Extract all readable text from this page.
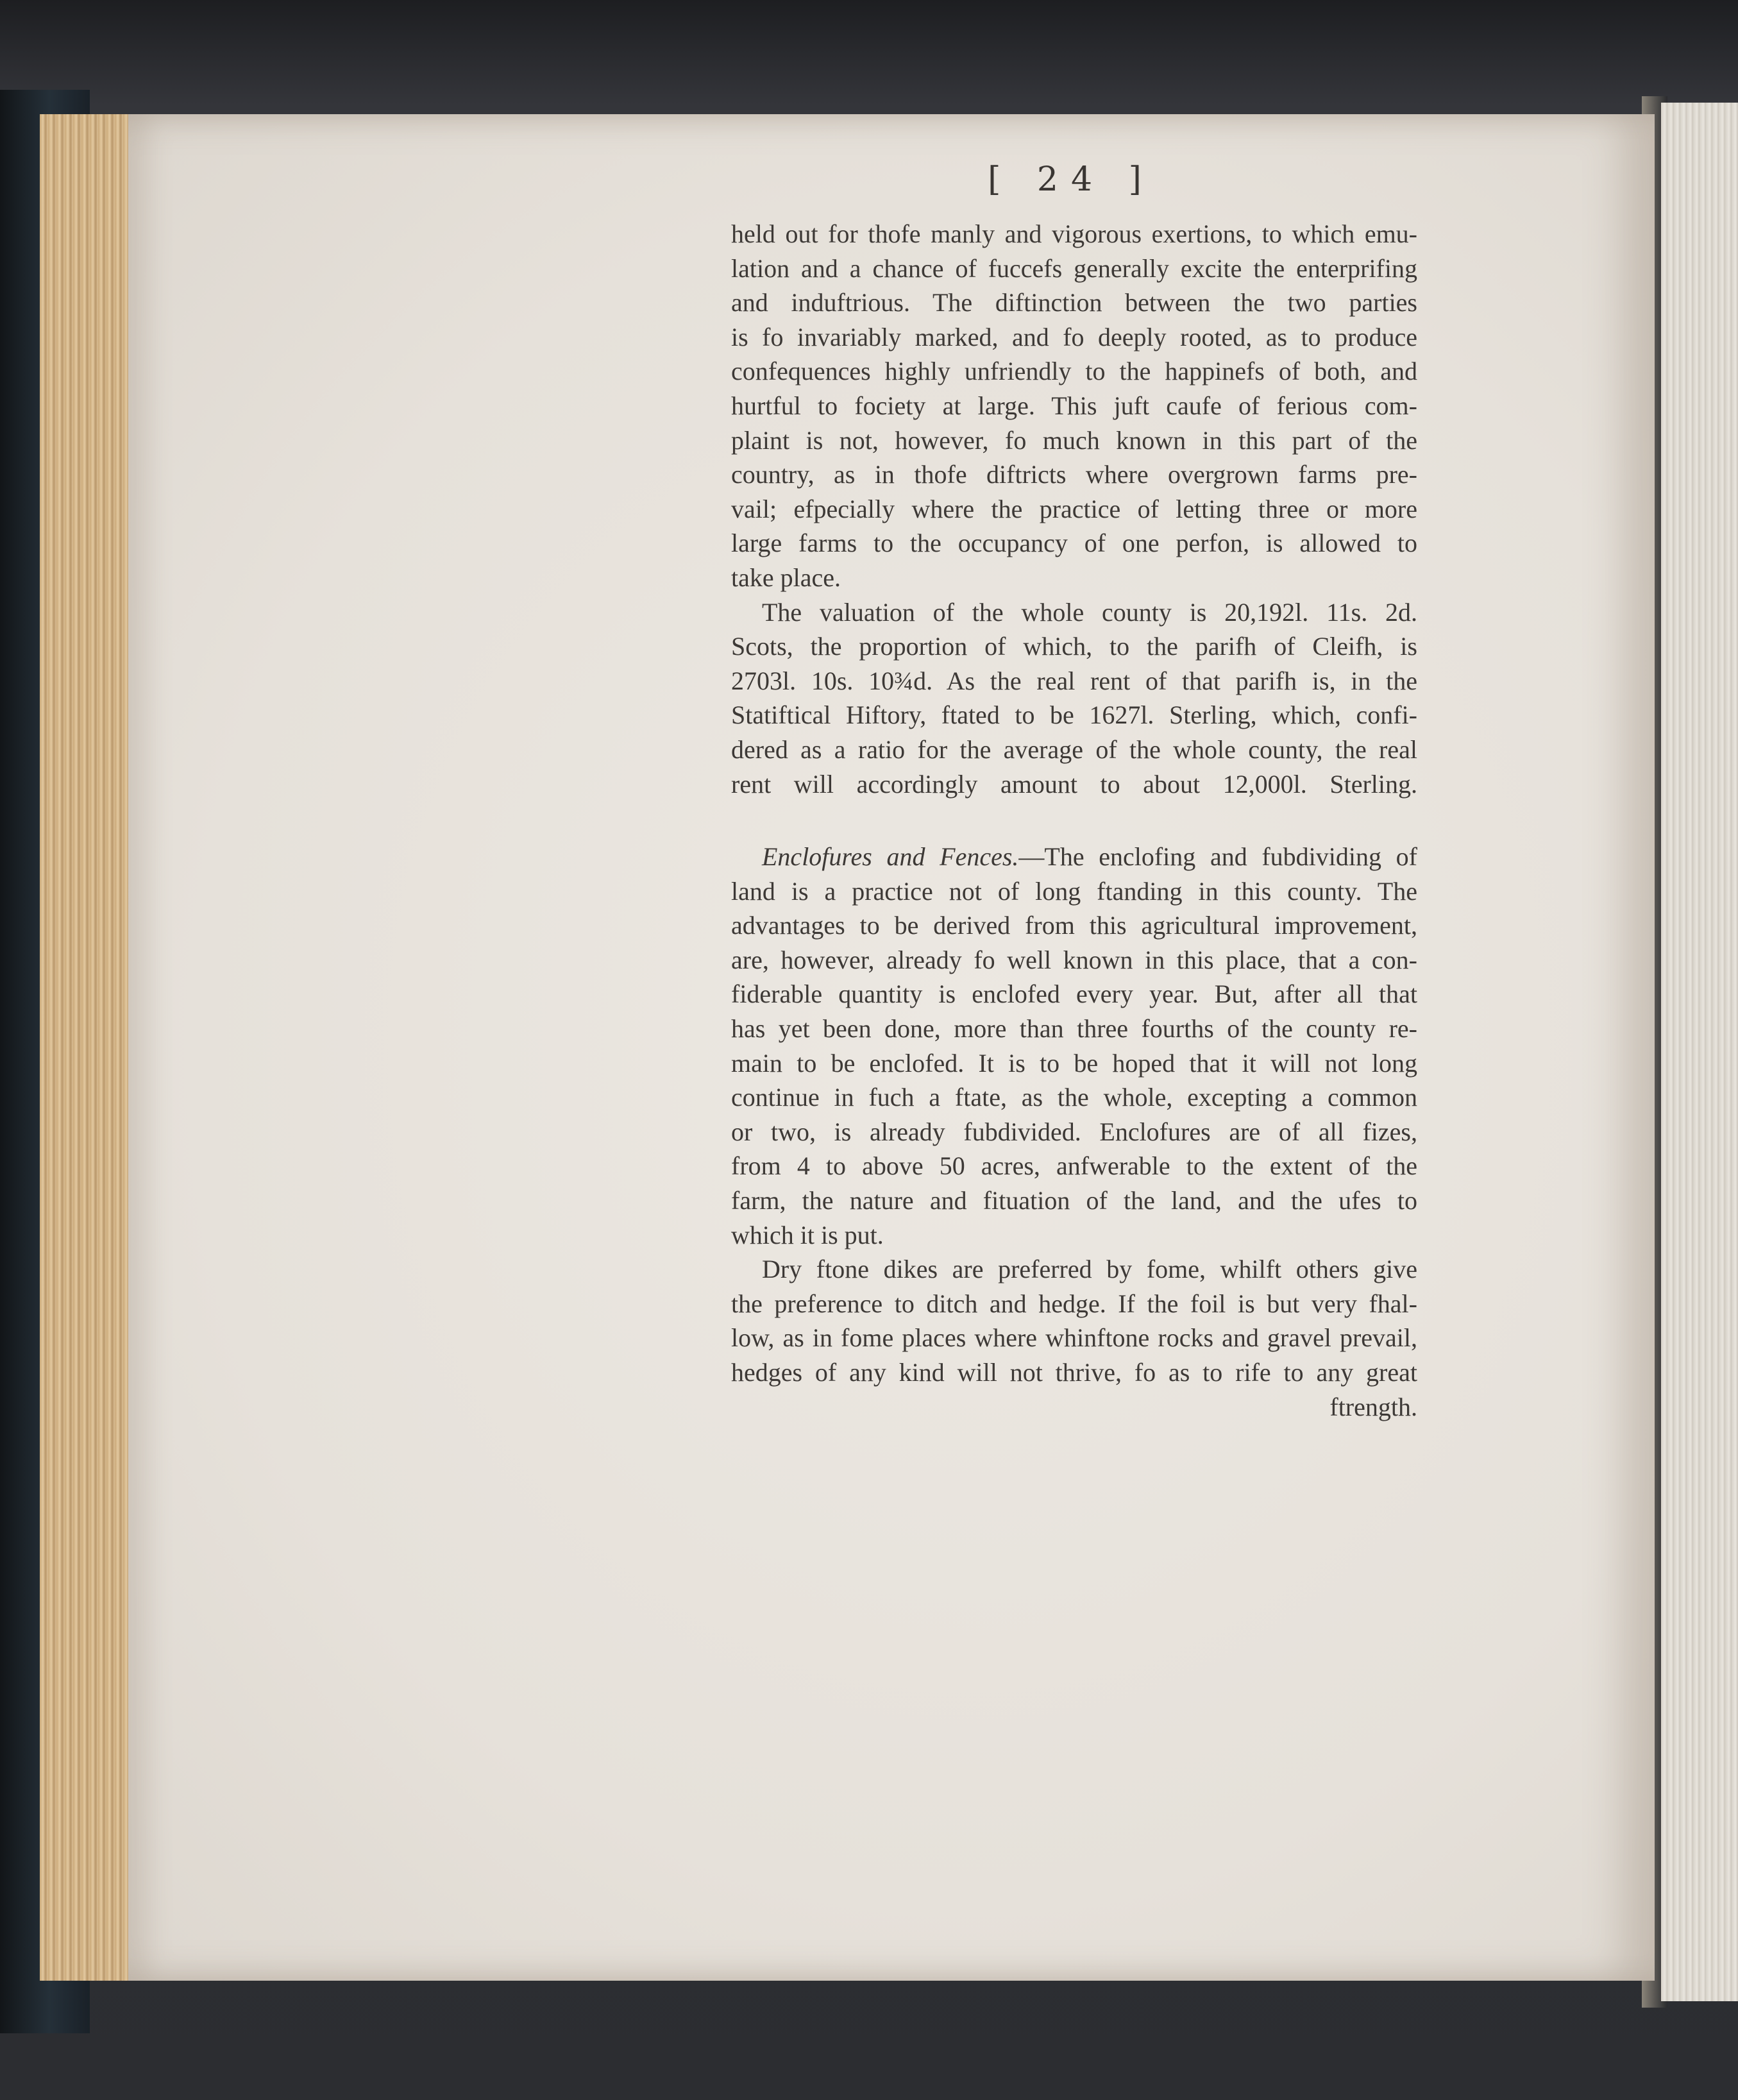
[ 24 ]
held out for thofe manly and vigorous exertions, to which emu-
lation and a chance of fuccefs generally excite the enterprifing
and induftrious. The diftinction between the two parties
is fo invariably marked, and fo deeply rooted, as to produce
confequences highly unfriendly to the happinefs of both, and
hurtful to fociety at large. This juft caufe of ferious com-
plaint is not, however, fo much known in this part of the
country, as in thofe diftricts where overgrown farms pre-
vail; efpecially where the practice of letting three or more
large farms to the occupancy of one perfon, is allowed to
take place.
The valuation of the whole county is 20,192l. 11s. 2d.
Scots, the proportion of which, to the parifh of Cleifh, is
2703l. 10s. 10¾d. As the real rent of that parifh is, in the
Statiftical Hiftory, ftated to be 1627l. Sterling, which, confi-
dered as a ratio for the average of the whole county, the real
rent will accordingly amount to about 12,000l. Sterling.
Enclofures and Fences.—The enclofing and fubdividing of
land is a practice not of long ftanding in this county. The
advantages to be derived from this agricultural improvement,
are, however, already fo well known in this place, that a con-
fiderable quantity is enclofed every year. But, after all that
has yet been done, more than three fourths of the county re-
main to be enclofed. It is to be hoped that it will not long
continue in fuch a ftate, as the whole, excepting a common
or two, is already fubdivided. Enclofures are of all fizes,
from 4 to above 50 acres, anfwerable to the extent of the
farm, the nature and fituation of the land, and the ufes to
which it is put.
Dry ftone dikes are preferred by fome, whilft others give
the preference to ditch and hedge. If the foil is but very fhal-
low, as in fome places where whinftone rocks and gravel prevail,
hedges of any kind will not thrive, fo as to rife to any great
ftrength.
